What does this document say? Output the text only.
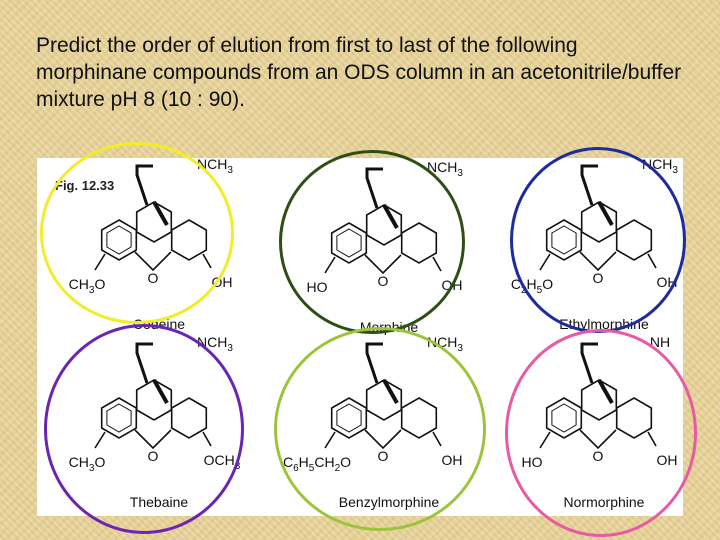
Predict the order of elution from first to last of the following morphinane compounds from an ODS column in an acetonitrile/buffer mixture pH 8 (10 : 90).
Fig. 12.33
$NCH_3$
$CH_3O$	O	OH
Codeine
$NCH_3$
HO	O	OH
Morphine
$NCH_3$
$C_2H_5O$	O	OH
Ethylmorphine
$NCH_3$
$CH_3O$	O	$OCH_3$
Thebaine
$NCH_3$
$C_6H_5CH_2O$ O	OH
Benzylmorphine
NH
HO	O	OH
Normorphine
